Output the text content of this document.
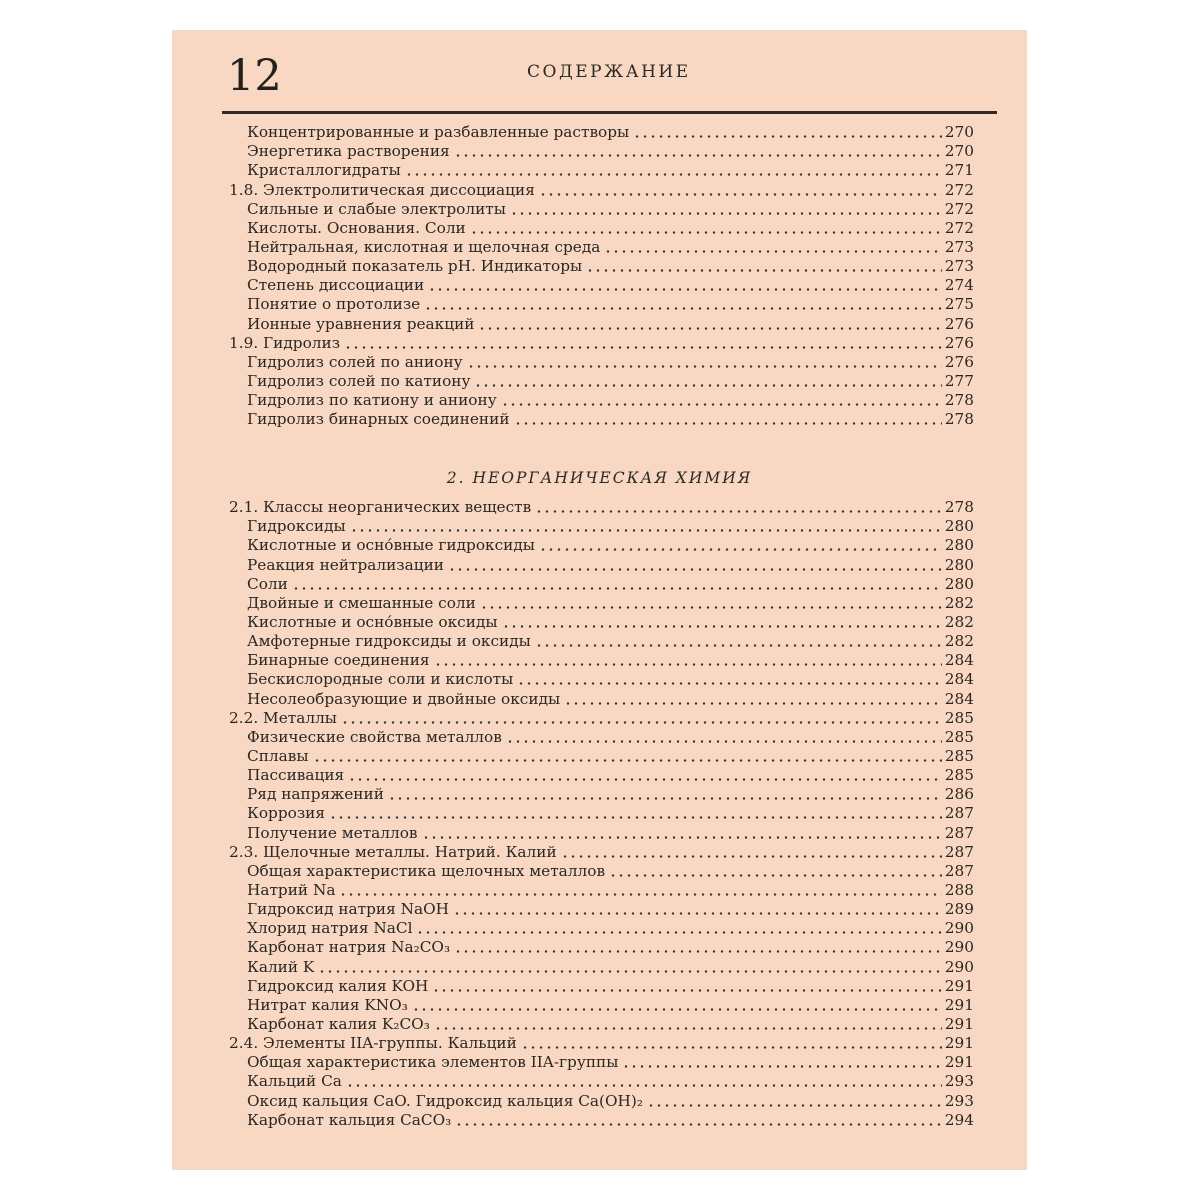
12	СОДЕРЖАНИЕ
Концентрированные и разбавленные растворы	270
Энергетика растворения	270
Кристаллогидраты	271
1.8. Электролитическая диссоциация	272
Сильные и слабые электролиты	272
Кислоты. Основания. Соли	272
Нейтральная, кислотная и щелочная среда	273
Водородный показатель pH. Индикаторы	273
Степень диссоциации	274
Понятие о протолизе	275
Ионные уравнения реакций	276
1.9. Гидролиз	276
Гидролиз солей по аниону	276
Гидролиз солей по катиону	277
Гидролиз по катиону и аниону	278
Гидролиз бинарных соединений	278
2. НЕОРГАНИЧЕСКАЯ ХИМИЯ
2.1. Классы неорганических веществ	278
Гидроксиды	280
Кислотные и осно́вные гидроксиды	280
Реакция нейтрализации	280
Соли	280
Двойные и смешанные соли	282
Кислотные и осно́вные оксиды	282
Амфотерные гидроксиды и оксиды	282
Бинарные соединения	284
Бескислородные соли и кислоты	284
Несолеобразующие и двойные оксиды	284
2.2. Металлы	285
Физические свойства металлов	285
Сплавы	285
Пассивация	285
Ряд напряжений	286
Коррозия	287
Получение металлов	287
2.3. Щелочные металлы. Натрий. Калий	287
Общая характеристика щелочных металлов	287
Натрий Na	288
Гидроксид натрия NaOH	289
Хлорид натрия NaCl	290
Карбонат натрия Na₂CO₃	290
Калий K	290
Гидроксид калия KOH	291
Нитрат калия KNO₃	291
Карбонат калия K₂CO₃	291
2.4. Элементы IIA-группы. Кальций	291
Общая характеристика элементов IIA-группы	291
Кальций Ca	293
Оксид кальция CaO. Гидроксид кальция Ca(OH)₂	293
Карбонат кальция CaCO₃	294
